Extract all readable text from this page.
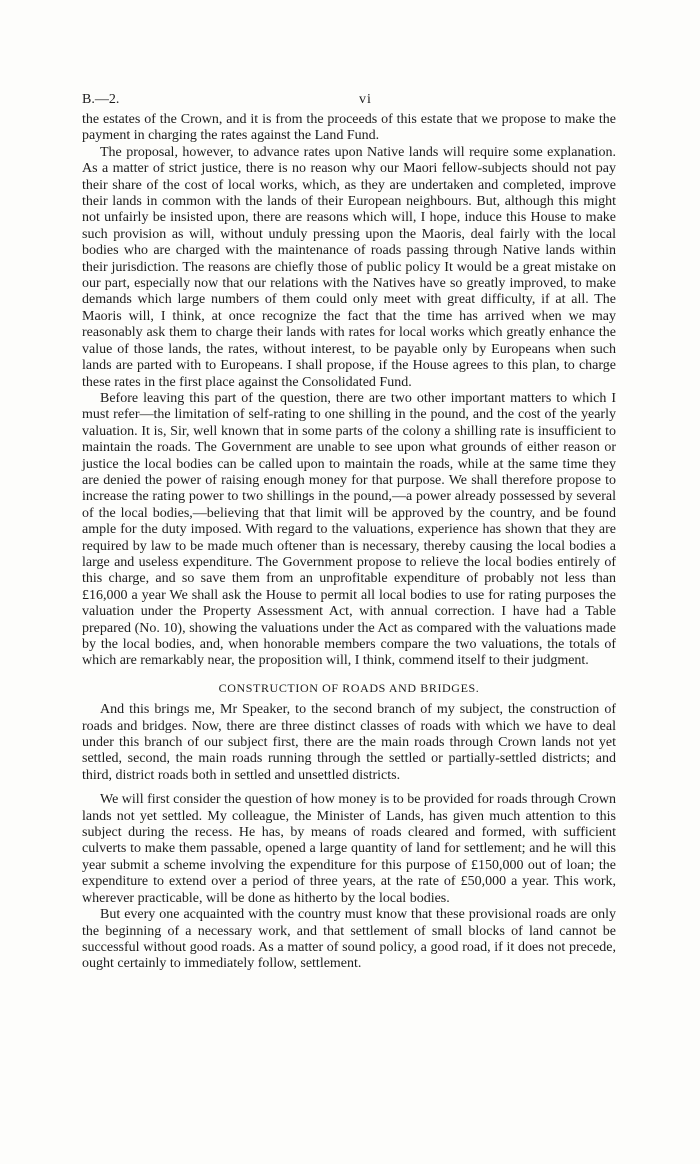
B.—2.	vi

the estates of the Crown, and it is from the proceeds of this estate that we propose to make the payment in charging the rates against the Land Fund.

The proposal, however, to advance rates upon Native lands will require some explanation. As a matter of strict justice, there is no reason why our Maori fellow-subjects should not pay their share of the cost of local works, which, as they are undertaken and completed, improve their lands in common with the lands of their European neighbours. But, although this might not unfairly be insisted upon, there are reasons which will, I hope, induce this House to make such provision as will, without unduly pressing upon the Maoris, deal fairly with the local bodies who are charged with the maintenance of roads passing through Native lands within their jurisdiction. The reasons are chiefly those of public policy It would be a great mistake on our part, especially now that our relations with the Natives have so greatly improved, to make demands which large numbers of them could only meet with great difficulty, if at all. The Maoris will, I think, at once recognize the fact that the time has arrived when we may reasonably ask them to charge their lands with rates for local works which greatly enhance the value of those lands, the rates, without interest, to be payable only by Europeans when such lands are parted with to Europeans. I shall propose, if the House agrees to this plan, to charge these rates in the first place against the Consolidated Fund.

Before leaving this part of the question, there are two other important matters to which I must refer—the limitation of self-rating to one shilling in the pound, and the cost of the yearly valuation. It is, Sir, well known that in some parts of the colony a shilling rate is insufficient to maintain the roads. The Government are unable to see upon what grounds of either reason or justice the local bodies can be called upon to maintain the roads, while at the same time they are denied the power of raising enough money for that purpose. We shall therefore propose to increase the rating power to two shillings in the pound,—a power already possessed by several of the local bodies,—believing that that limit will be approved by the country, and be found ample for the duty imposed. With regard to the valuations, experience has shown that they are required by law to be made much oftener than is necessary, thereby causing the local bodies a large and useless expenditure. The Government propose to relieve the local bodies entirely of this charge, and so save them from an unprofitable expenditure of probably not less than £16,000 a year We shall ask the House to permit all local bodies to use for rating purposes the valuation under the Property Assessment Act, with annual correction. I have had a Table prepared (No. 10), showing the valuations under the Act as compared with the valuations made by the local bodies, and, when honorable members compare the two valuations, the totals of which are remarkably near, the proposition will, I think, commend itself to their judgment.

CONSTRUCTION OF ROADS AND BRIDGES.

And this brings me, Mr Speaker, to the second branch of my subject, the construction of roads and bridges. Now, there are three distinct classes of roads with which we have to deal under this branch of our subject first, there are the main roads through Crown lands not yet settled, second, the main roads running through the settled or partially-settled districts; and third, district roads both in settled and unsettled districts.

We will first consider the question of how money is to be provided for roads through Crown lands not yet settled. My colleague, the Minister of Lands, has given much attention to this subject during the recess. He has, by means of roads cleared and formed, with sufficient culverts to make them passable, opened a large quantity of land for settlement; and he will this year submit a scheme involving the expenditure for this purpose of £150,000 out of loan; the expenditure to extend over a period of three years, at the rate of £50,000 a year. This work, wherever practicable, will be done as hitherto by the local bodies.

But every one acquainted with the country must know that these provisional roads are only the beginning of a necessary work, and that settlement of small blocks of land cannot be successful without good roads. As a matter of sound policy, a good road, if it does not precede, ought certainly to immediately follow, settlement.
